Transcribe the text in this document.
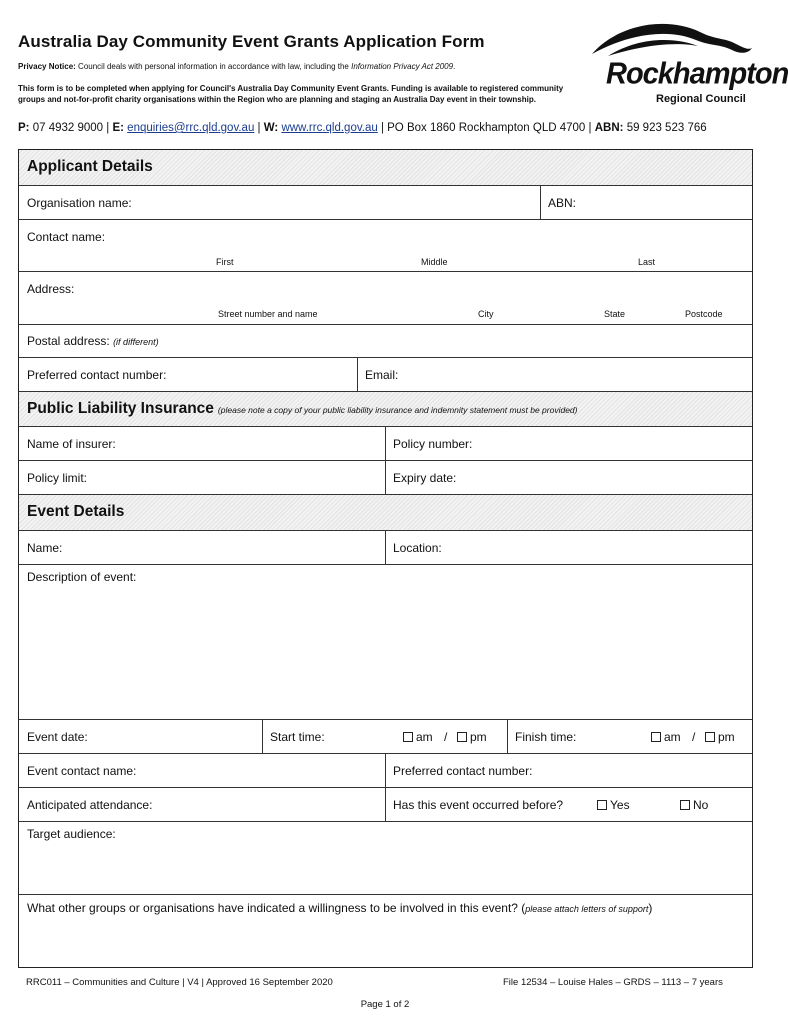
Australia Day Community Event Grants Application Form
Privacy Notice: Council deals with personal information in accordance with law, including the Information Privacy Act 2009.
This form is to be completed when applying for Council's Australia Day Community Event Grants. Funding is available to registered community groups and not-for-profit charity organisations within the Region who are planning and staging an Australia Day event in their township.
P: 07 4932 9000 | E: enquiries@rrc.qld.gov.au | W: www.rrc.qld.gov.au | PO Box 1860 Rockhampton QLD 4700 | ABN: 59 923 523 766
Rockhampton
Regional Council
Applicant Details
Organisation name:	ABN:
Contact name:
First	Middle	Last
Address:
Street number and name	City	State	Postcode
Postal address: (if different)
Preferred contact number:	Email:
Public Liability Insurance (please note a copy of your public liability insurance and indemnity statement must be provided)
Name of insurer:	Policy number:
Policy limit:	Expiry date:
Event Details
Name:	Location:
Description of event:
Event date:	Start time:	am /	pm Finish time:	am /	pm
Event contact name:	Preferred contact number:
Anticipated attendance:	Has this event occurred before?	Yes	No
Target audience:
What other groups or organisations have indicated a willingness to be involved in this event? (please attach letters of support)
RRC011 – Communities and Culture | V4 | Approved 16 September 2020	File 12534 – Louise Hales – GRDS – 1113 – 7 years
Page 1 of 2
